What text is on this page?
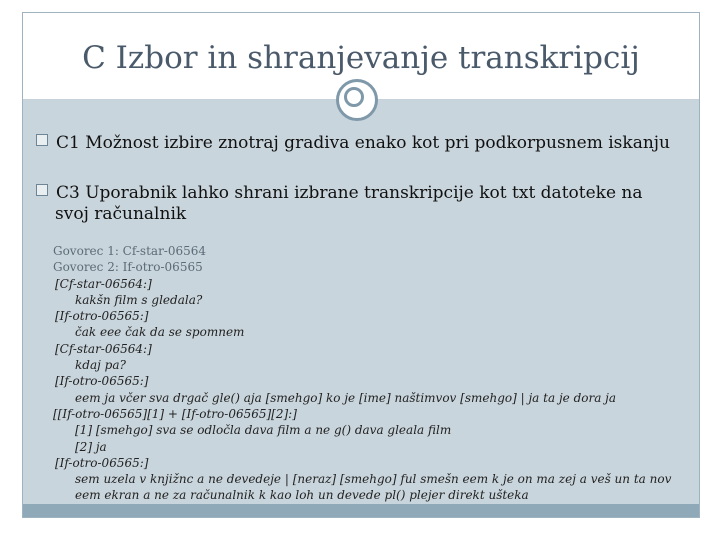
C Izbor in shranjevanje transkripcij
C1 Možnost izbire znotraj gradiva enako kot pri podkorpusnem iskanju
C3 Uporabnik lahko shrani izbrane transkripcije kot txt datoteke na
svoj računalnik
Govorec 1: Cf-star-06564
Govorec 2: If-otro-06565
[Cf-star-06564:]
kakšn film s gledala?
[If-otro-06565:]
čak eee čak da se spomnem
[Cf-star-06564:]
kdaj pa?
[If-otro-06565:]
eem ja včer sva drgač gle() aja [smehgo] ko je [ime] naštimvov [smehgo] | ja ta je dora ja
[[If-otro-06565][1] + [If-otro-06565][2]:]
[1] [smehgo] sva se odločla dava film a ne g() dava gleala film
[2] ja
[If-otro-06565:]
sem uzela v knjižnc a ne devedeje | [neraz] [smehgo] ful smešn eem k je on ma zej a veš un ta nov
eem ekran a ne za računalnik k kao loh un devede pl() plejer direkt ušteka
